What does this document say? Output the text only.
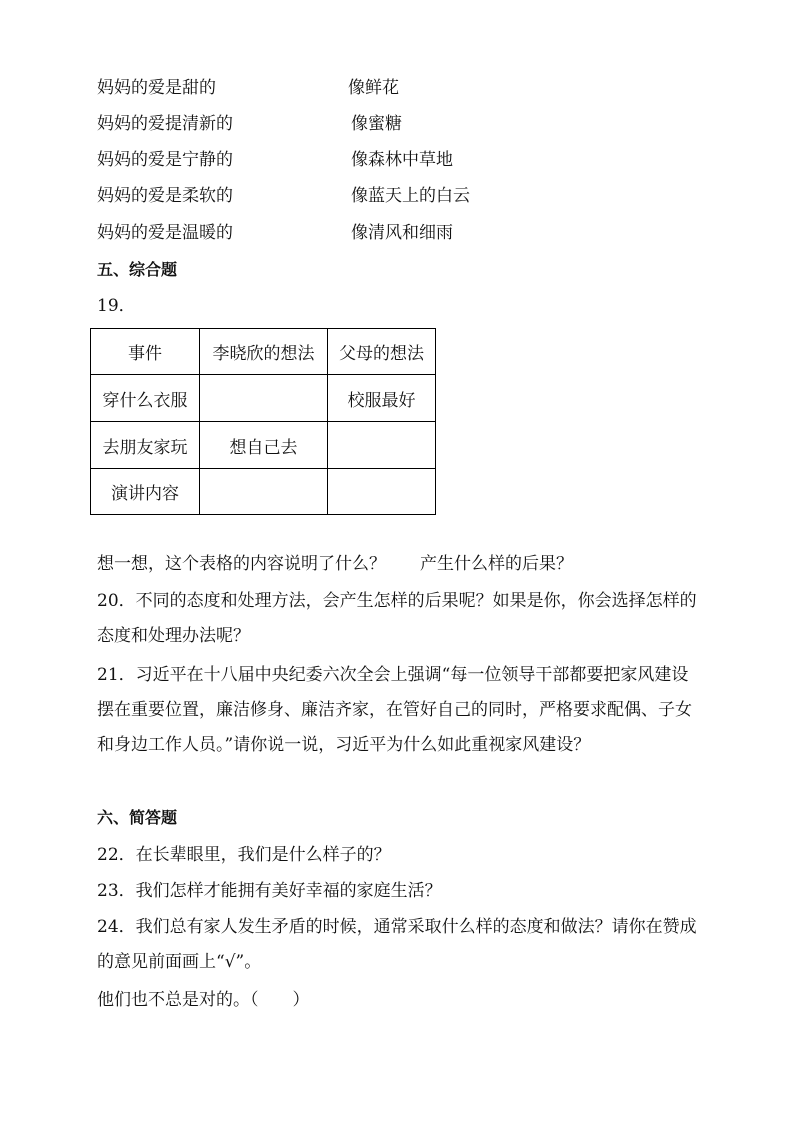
妈妈的爱是甜的	像鲜花
妈妈的爱提清新的	像蜜糖
妈妈的爱是宁静的	像森林中草地
妈妈的爱是柔软的	像蓝天上的白云
妈妈的爱是温暖的	像清风和细雨
五、综合题
19．
事件	李晓欣的想法	父母的想法
穿什么衣服		校服最好
去朋友家玩	想自己去	
演讲内容		
想一想，这个表格的内容说明了什么？　　产生什么样的后果？
20．不同的态度和处理方法，会产生怎样的后果呢？如果是你，你会选择怎样的态度和处理办法呢？
21．习近平在十八届中央纪委六次全会上强调“每一位领导干部都要把家风建设摆在重要位置，廉洁修身、廉洁齐家，在管好自己的同时，严格要求配偶、子女和身边工作人员。”请你说一说，习近平为什么如此重视家风建设？
六、简答题
22．在长辈眼里，我们是什么样子的？
23．我们怎样才能拥有美好幸福的家庭生活？
24．我们总有家人发生矛盾的时候，通常采取什么样的态度和做法？请你在赞成的意见前面画上“√”。
他们也不总是对的。（　　）
